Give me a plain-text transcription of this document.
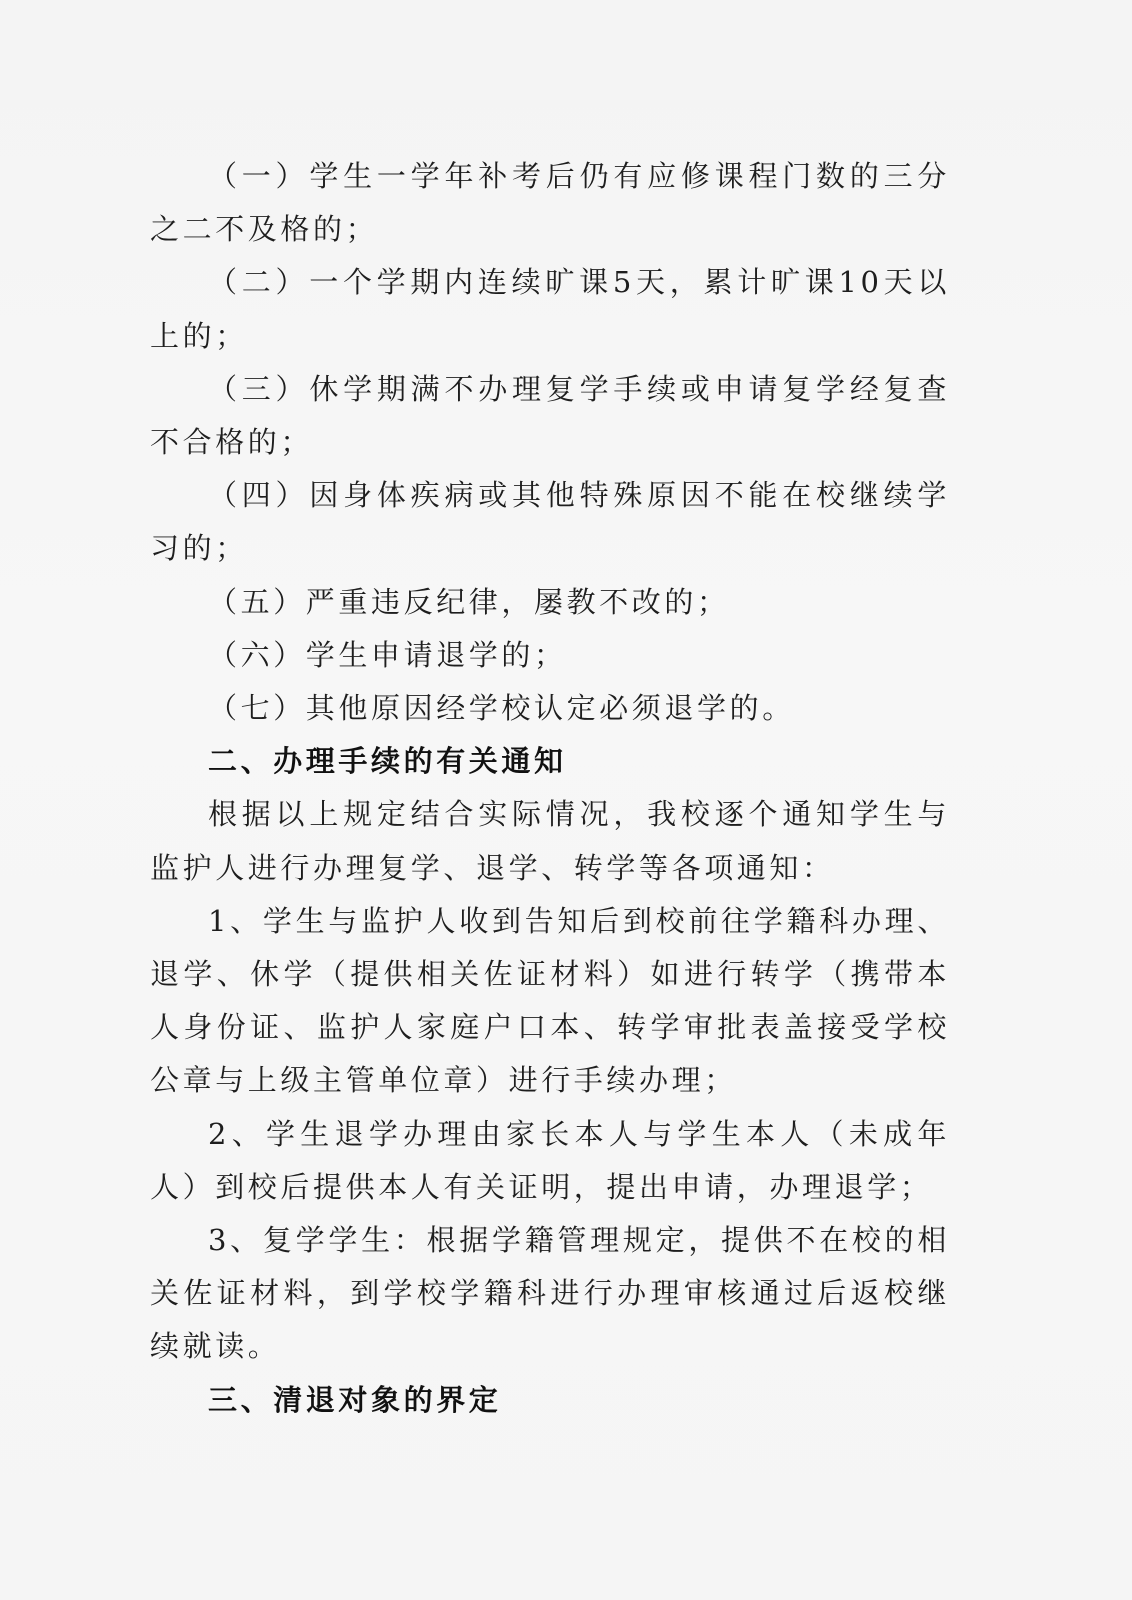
（一）学生一学年补考后仍有应修课程门数的三分之二不及格的；

（二）一个学期内连续旷课5天，累计旷课10天以上的；

（三）休学期满不办理复学手续或申请复学经复查不合格的；

（四）因身体疾病或其他特殊原因不能在校继续学习的；

（五）严重违反纪律，屡教不改的；

（六）学生申请退学的；

（七）其他原因经学校认定必须退学的。

二、办理手续的有关通知

根据以上规定结合实际情况，我校逐个通知学生与监护人进行办理复学、退学、转学等各项通知：

1、学生与监护人收到告知后到校前往学籍科办理、退学、休学（提供相关佐证材料）如进行转学（携带本人身份证、监护人家庭户口本、转学审批表盖接受学校公章与上级主管单位章）进行手续办理；

2、学生退学办理由家长本人与学生本人（未成年人）到校后提供本人有关证明，提出申请，办理退学；

3、复学学生：根据学籍管理规定，提供不在校的相关佐证材料，到学校学籍科进行办理审核通过后返校继续就读。

三、清退对象的界定
